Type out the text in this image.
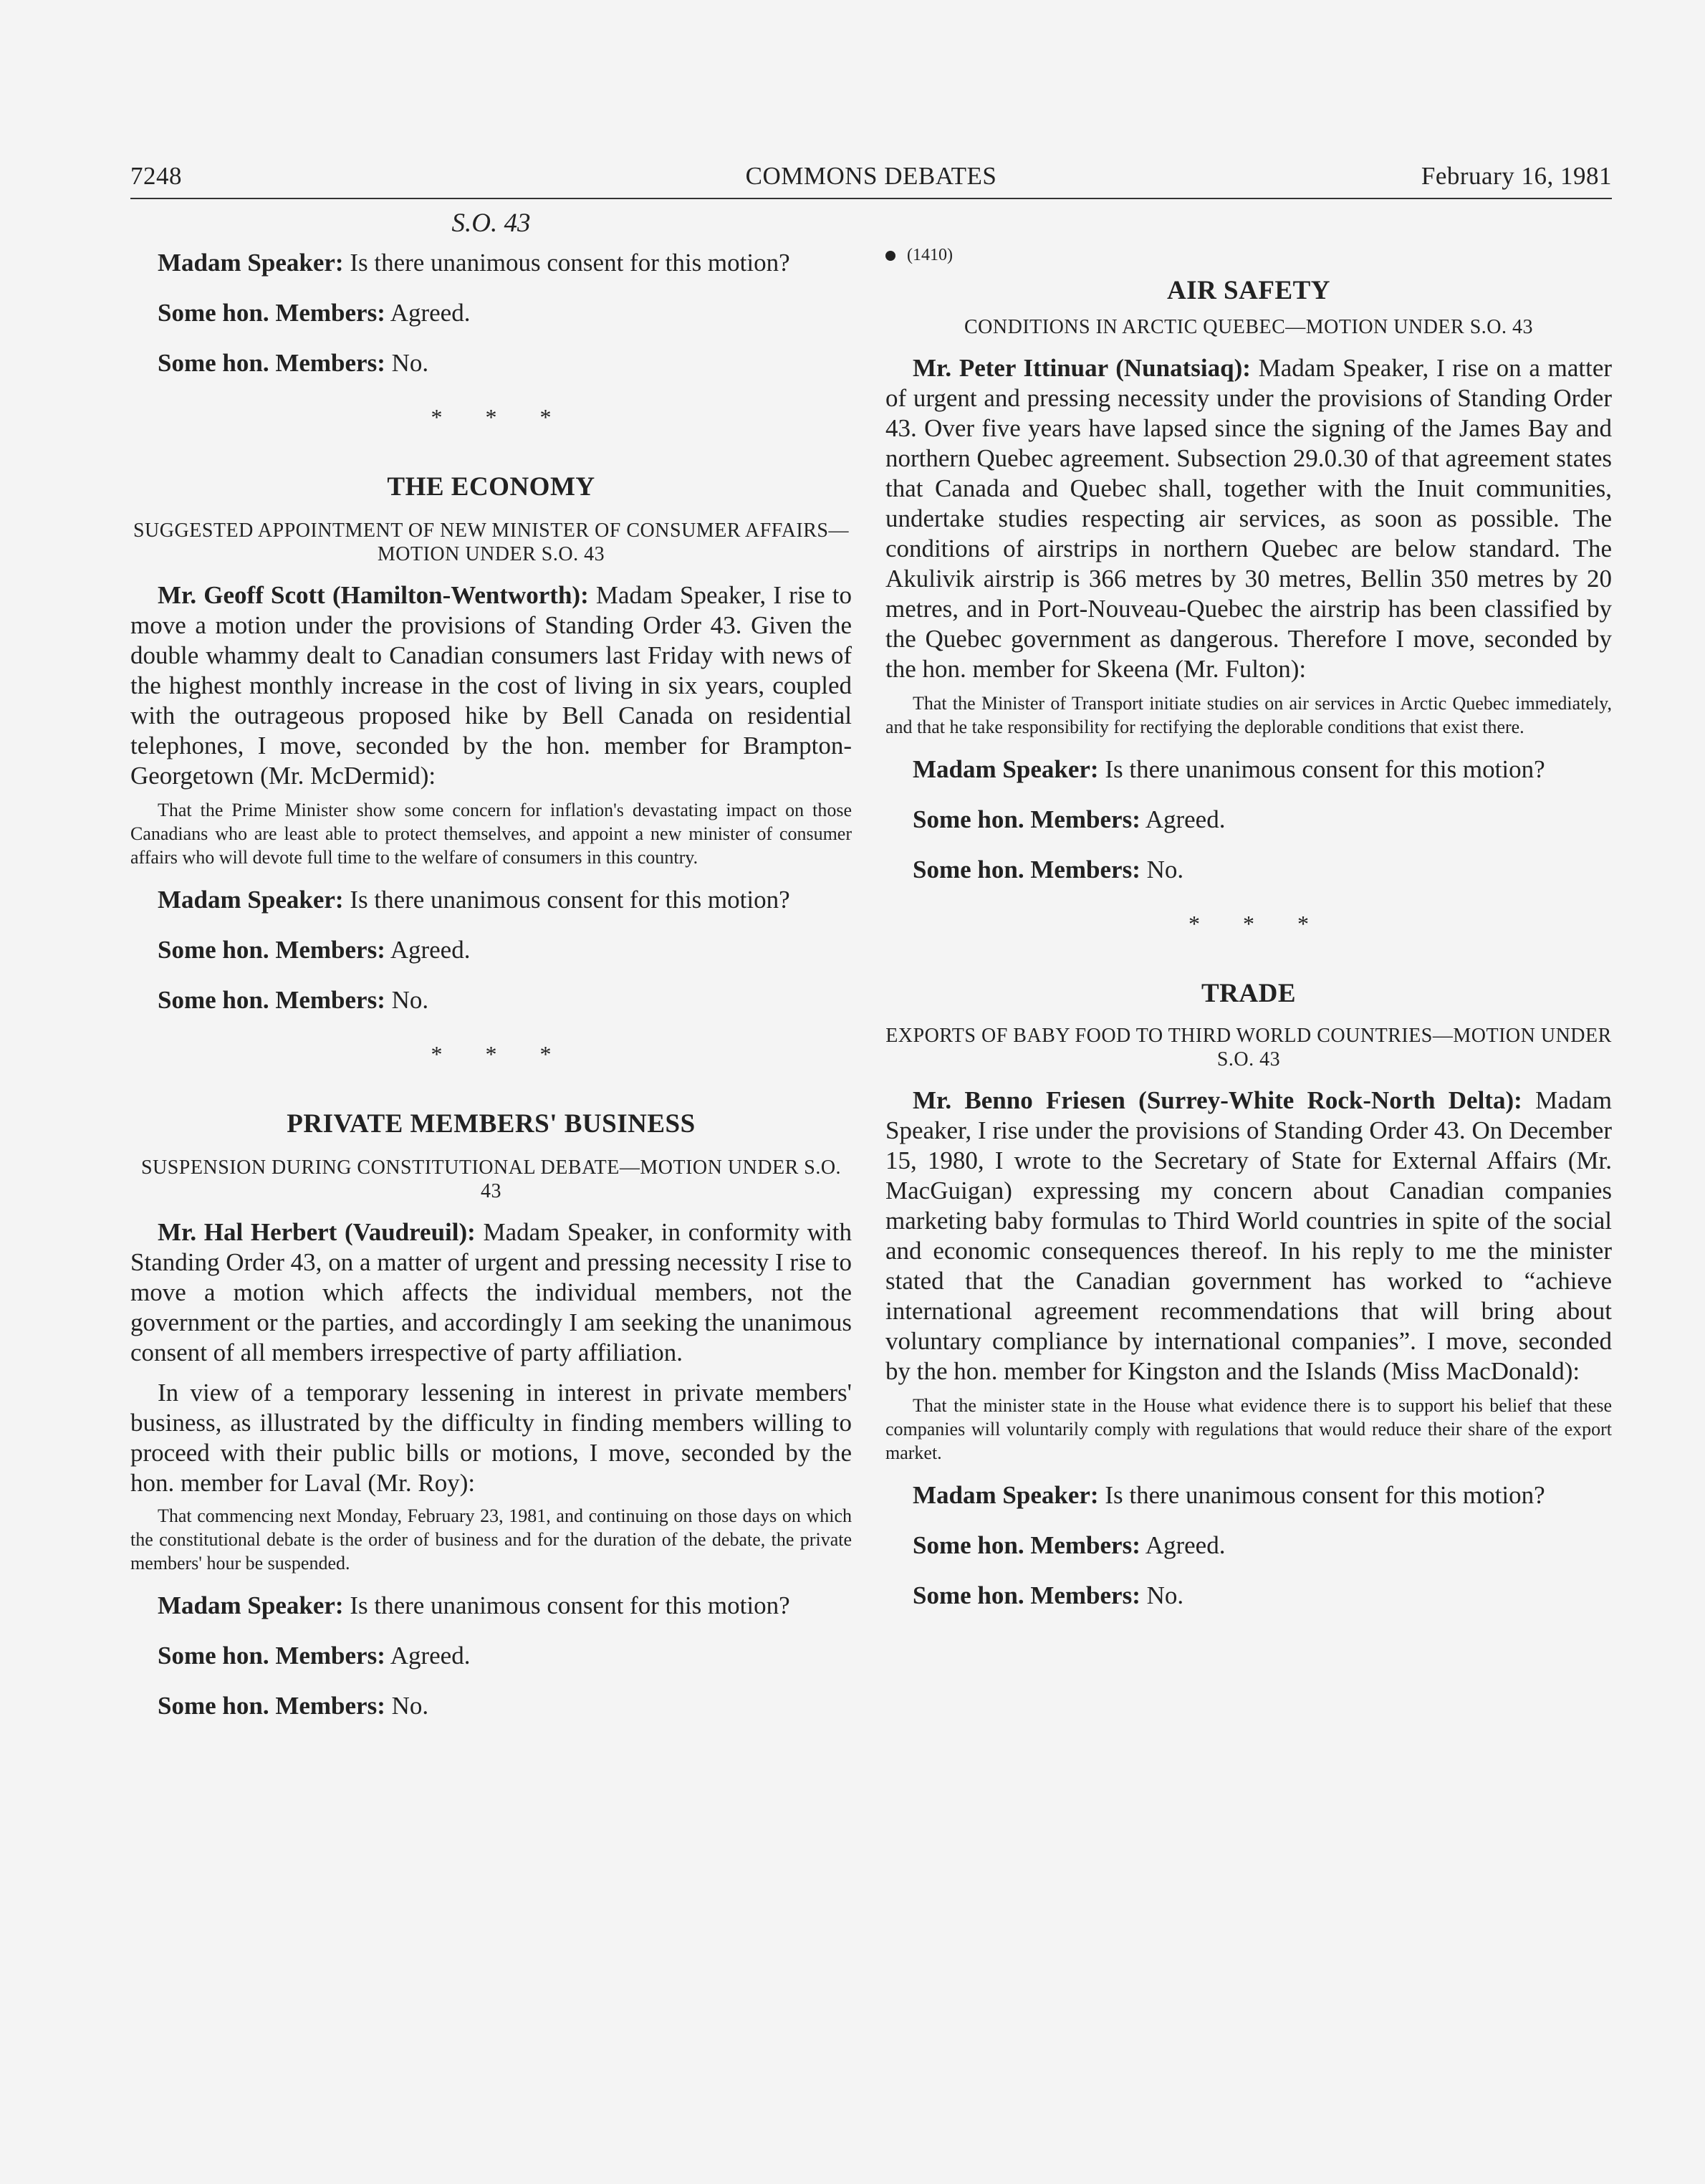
7248	COMMONS DEBATES	February 16, 1981
S.O. 43

Madam Speaker: Is there unanimous consent for this motion?

Some hon. Members: Agreed.

Some hon. Members: No.

* * *
THE ECONOMY
SUGGESTED APPOINTMENT OF NEW MINISTER OF CONSUMER AFFAIRS—MOTION UNDER S.O. 43

Mr. Geoff Scott (Hamilton-Wentworth): Madam Speaker, I rise to move a motion under the provisions of Standing Order 43. Given the double whammy dealt to Canadian consumers last Friday with news of the highest monthly increase in the cost of living in six years, coupled with the outrageous proposed hike by Bell Canada on residential telephones, I move, seconded by the hon. member for Brampton-Georgetown (Mr. McDermid):

That the Prime Minister show some concern for inflation's devastating impact on those Canadians who are least able to protect themselves, and appoint a new minister of consumer affairs who will devote full time to the welfare of consumers in this country.

Madam Speaker: Is there unanimous consent for this motion?

Some hon. Members: Agreed.

Some hon. Members: No.

* * *
PRIVATE MEMBERS' BUSINESS
SUSPENSION DURING CONSTITUTIONAL DEBATE—MOTION UNDER S.O. 43

Mr. Hal Herbert (Vaudreuil): Madam Speaker, in conformity with Standing Order 43, on a matter of urgent and pressing necessity I rise to move a motion which affects the individual members, not the government or the parties, and accordingly I am seeking the unanimous consent of all members irrespective of party affiliation.

In view of a temporary lessening in interest in private members' business, as illustrated by the difficulty in finding members willing to proceed with their public bills or motions, I move, seconded by the hon. member for Laval (Mr. Roy):

That commencing next Monday, February 23, 1981, and continuing on those days on which the constitutional debate is the order of business and for the duration of the debate, the private members' hour be suspended.

Madam Speaker: Is there unanimous consent for this motion?

Some hon. Members: Agreed.

Some hon. Members: No.

(1410)
AIR SAFETY
CONDITIONS IN ARCTIC QUEBEC—MOTION UNDER S.O. 43

Mr. Peter Ittinuar (Nunatsiaq): Madam Speaker, I rise on a matter of urgent and pressing necessity under the provisions of Standing Order 43. Over five years have lapsed since the signing of the James Bay and northern Quebec agreement. Subsection 29.0.30 of that agreement states that Canada and Quebec shall, together with the Inuit communities, undertake studies respecting air services, as soon as possible. The conditions of airstrips in northern Quebec are below standard. The Akulivik airstrip is 366 metres by 30 metres, Bellin 350 metres by 20 metres, and in Port-Nouveau-Quebec the airstrip has been classified by the Quebec government as dangerous. Therefore I move, seconded by the hon. member for Skeena (Mr. Fulton):

That the Minister of Transport initiate studies on air services in Arctic Quebec immediately, and that he take responsibility for rectifying the deplorable conditions that exist there.

Madam Speaker: Is there unanimous consent for this motion?

Some hon. Members: Agreed.

Some hon. Members: No.

* * *
TRADE
EXPORTS OF BABY FOOD TO THIRD WORLD COUNTRIES—MOTION UNDER S.O. 43

Mr. Benno Friesen (Surrey-White Rock-North Delta): Madam Speaker, I rise under the provisions of Standing Order 43. On December 15, 1980, I wrote to the Secretary of State for External Affairs (Mr. MacGuigan) expressing my concern about Canadian companies marketing baby formulas to Third World countries in spite of the social and economic consequences thereof. In his reply to me the minister stated that the Canadian government has worked to “achieve international agreement recommendations that will bring about voluntary compliance by international companies”. I move, seconded by the hon. member for Kingston and the Islands (Miss MacDonald):

That the minister state in the House what evidence there is to support his belief that these companies will voluntarily comply with regulations that would reduce their share of the export market.

Madam Speaker: Is there unanimous consent for this motion?

Some hon. Members: Agreed.

Some hon. Members: No.
